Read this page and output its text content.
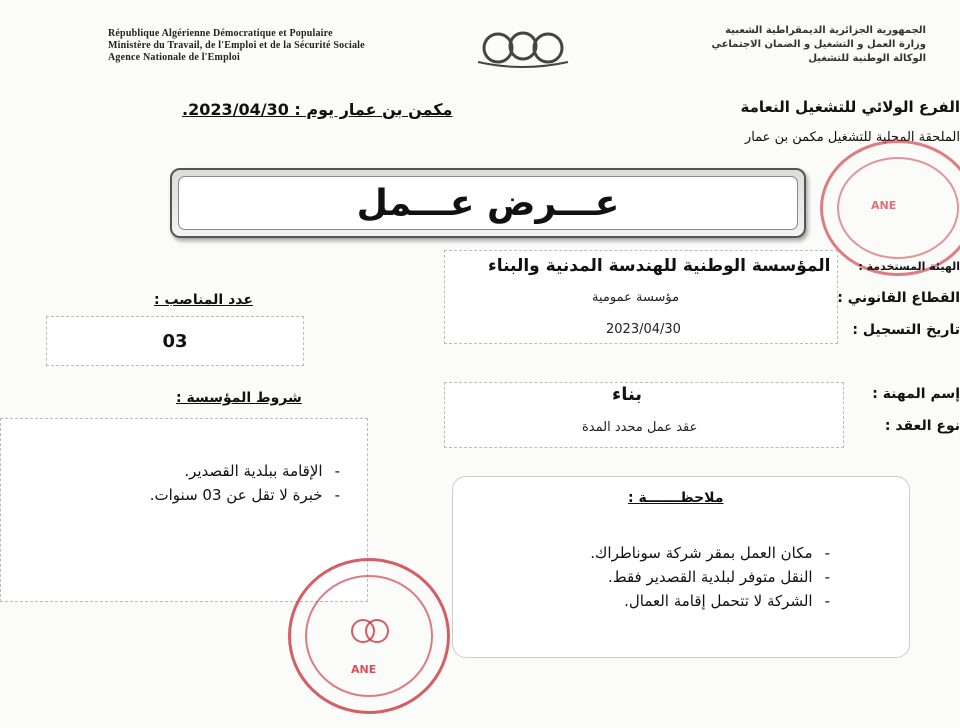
République Algérienne Démocratique et Populaire
Ministère du Travail, de l'Emploi et de la Sécurité Sociale
Agence Nationale de l'Emploi
الجمهورية الجزائرية الديمقراطية الشعبية
وزارة العمل و التشغيل و الضمان الاجتماعي
الوكالة الوطنية للتشغيل
الفرع الولائي للتشغيل النعامة
الملحقة المحلية للتشغيل مكمن بن عمار
مكمن بن عمار يوم : 2023/04/30.
عـــرض عـــمل	ANE
المؤسسة الوطنية للهندسة المدنية والبناء	الهيئة المستخدمة :
مؤسسة عمومية	القطاع القانوني :
2023/04/30	تاريخ التسجيل :
عدد المناصب :
03
بناء	إسم المهنة :
عقد عمل محدد المدة	نوع العقد :
شروط المؤسسة :
-الإقامة ببلدية القصدير.
-خبرة لا تقل عن 03 سنوات.	ملاحظـــــــة :
-مكان العمل بمقر شركة سوناطراك.
-النقل متوفر لبلدية القصدير فقط.
-الشركة لا تتحمل إقامة العمال.
ANE
